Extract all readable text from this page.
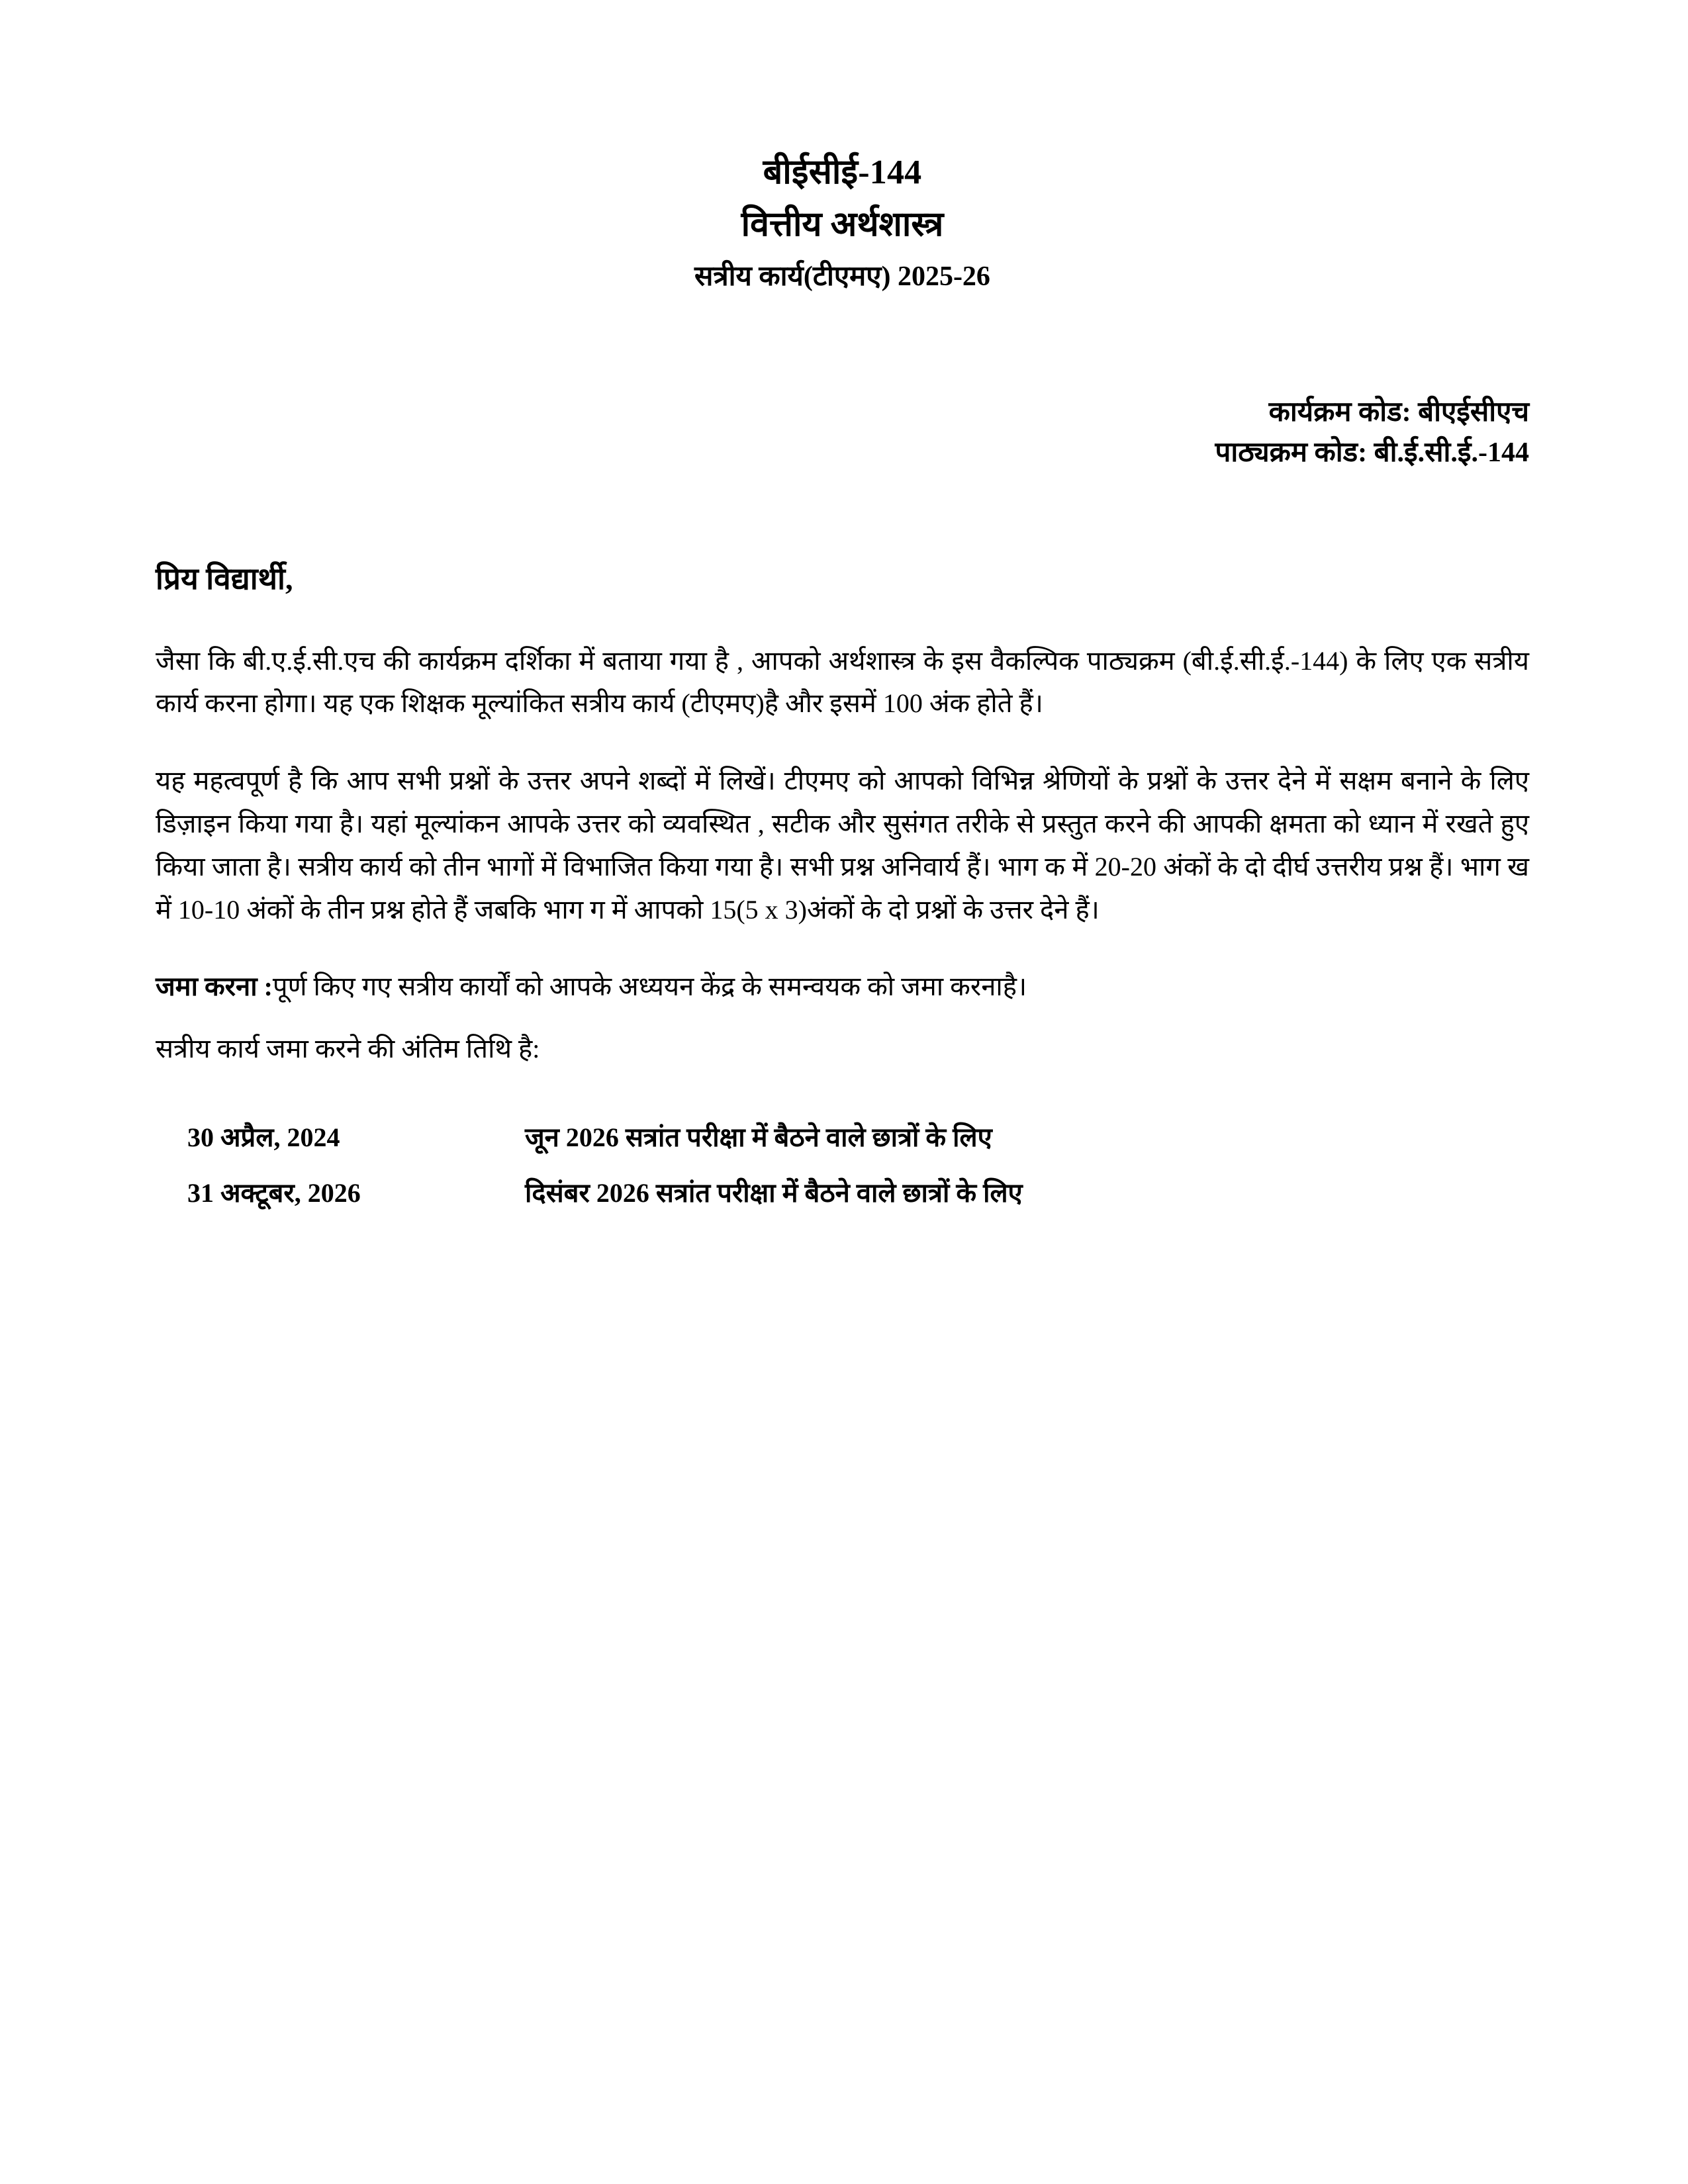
बीईसीई-144
वित्तीय अर्थशास्त्र
सत्रीय कार्य(टीएमए) 2025-26
कार्यक्रम कोड: बीएईसीएच
पाठ्यक्रम कोड: बी.ई.सी.ई.-144
प्रिय विद्यार्थी,
जैसा कि बी.ए.ई.सी.एच की कार्यक्रम दर्शिका में बताया गया है , आपको अर्थशास्त्र के इस वैकल्पिक पाठ्यक्रम (बी.ई.सी.ई.-144) के लिए एक सत्रीय कार्य करना होगा। यह एक शिक्षक मूल्यांकित सत्रीय कार्य (टीएमए)है और इसमें 100 अंक होते हैं।
यह महत्वपूर्ण है कि आप सभी प्रश्नों के उत्तर अपने शब्दों में लिखें। टीएमए को आपको विभिन्न श्रेणियों के प्रश्नों के उत्तर देने में सक्षम बनाने के लिए डिज़ाइन किया गया है। यहां मूल्यांकन आपके उत्तर को व्यवस्थित , सटीक और सुसंगत तरीके से प्रस्तुत करने की आपकी क्षमता को ध्यान में रखते हुए किया जाता है। सत्रीय कार्य को तीन भागों में विभाजित किया गया है। सभी प्रश्न अनिवार्य हैं। भाग क में 20-20 अंकों के दो दीर्घ उत्तरीय प्रश्न हैं। भाग ख में 10-10 अंकों के तीन प्रश्न होते हैं जबकि भाग ग में आपको 15(5 x 3)अंकों के दो प्रश्नों के उत्तर देने हैं।
जमा करना :पूर्ण किए गए सत्रीय कार्यों को आपके अध्ययन केंद्र के समन्वयक को जमा करनाहै।
सत्रीय कार्य जमा करने की अंतिम तिथि है:
30 अप्रैल, 2024	जून 2026 सत्रांत परीक्षा में बैठने वाले छात्रों के लिए
31 अक्टूबर, 2026	दिसंबर 2026 सत्रांत परीक्षा में बैठने वाले छात्रों के लिए
